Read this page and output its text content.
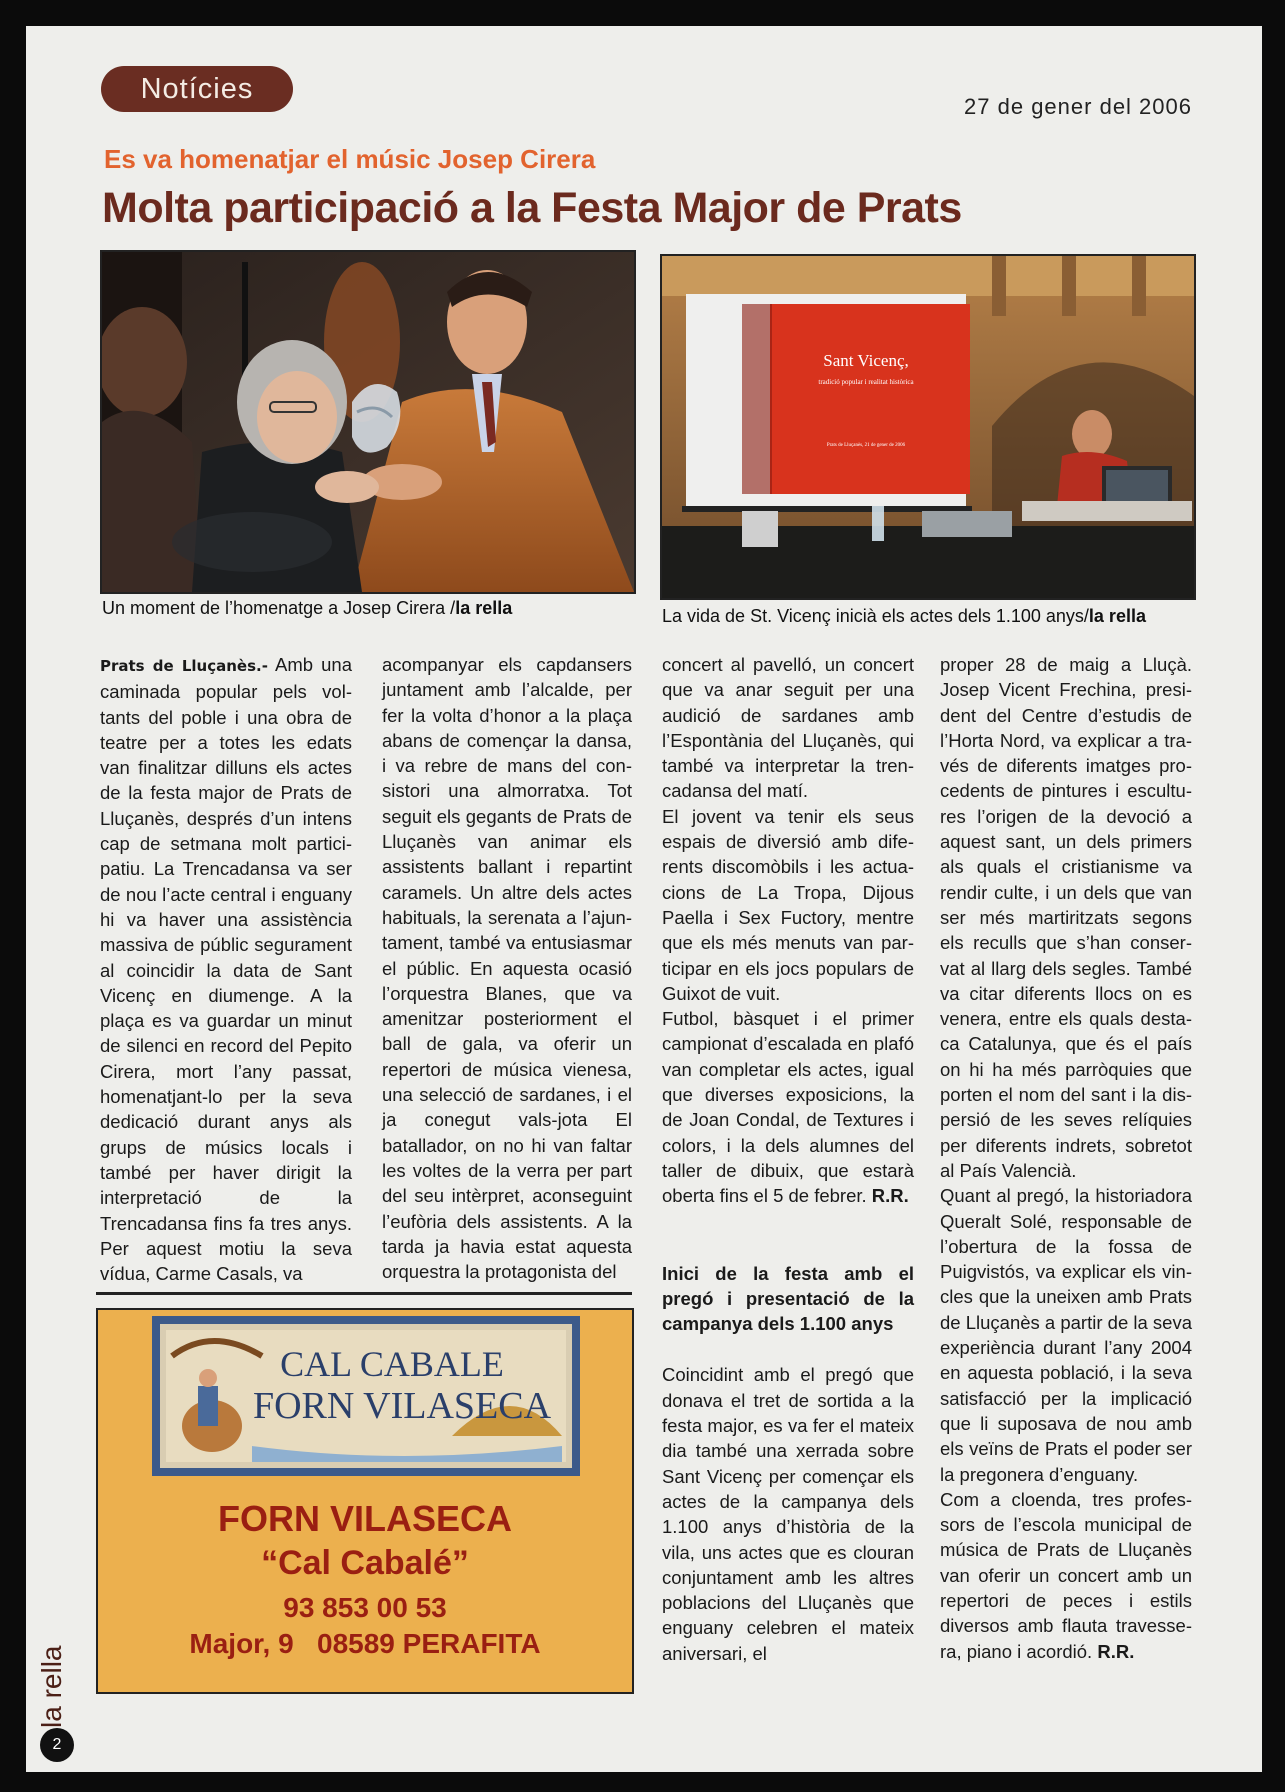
Notícies
27 de gener del 2006
Es va homenatjar el músic Josep Cirera
Molta participació a la Festa Major de Prats
Un moment de l’homenatge a Josep Cirera /la rella
Sant Vicenç,
tradició popular i realitat històrica
Prats de Lluçanès, 21 de gener de 2006
La vida de St. Vicenç inicià els actes dels 1.100 anys/la rella

Prats de Lluçanès.- Amb una caminada popular pels voltants del poble i una obra de teatre per a totes les edats van finalitzar dilluns els actes de la festa major de Prats de Lluçanès, després d’un intens cap de setmana molt participatiu. La Trencadansa va ser de nou l’acte central i enguany hi va haver una assistència massiva de públic segurament al coincidir la data de Sant Vicenç en diumenge. A la plaça es va guardar un minut de silenci en record del Pepito Cirera, mort l’any passat, homenatjant-lo per la seva dedicació durant anys als grups de músics locals i també per haver dirigit la interpretació de la Trencadansa fins fa tres anys. Per aquest motiu la seva vídua, Carme Casals, va

acompanyar els capdansers juntament amb l’alcalde, per fer la volta d’honor a la plaça abans de començar la dansa, i va rebre de mans del consistori una almorratxa. Tot seguit els gegants de Prats de Lluçanès van animar els assistents ballant i repartint caramels. Un altre dels actes habituals, la serenata a l’ajuntament, també va entusiasmar el públic. En aquesta ocasió l’orquestra Blanes, que va amenitzar posteriorment el ball de gala, va oferir un repertori de música vienesa, una selecció de sardanes, i el ja conegut vals-jota El batallador, on no hi van faltar les voltes de la verra per part del seu intèrpret, aconseguint l’eufòria dels assistents. A la tarda ja havia estat aquesta orquestra la protagonista del

concert al pavelló, un concert que va anar seguit per una audició de sardanes amb l’Espontània del Lluçanès, qui també va interpretar la trencadansa del matí.

El jovent va tenir els seus espais de diversió amb diferents discomòbils i les actuacions de La Tropa, Dijous Paella i Sex Fuctory, mentre que els més menuts van participar en els jocs populars de Guixot de vuit.

Futbol, bàsquet i el primer campionat d’escalada en plafó van completar els actes, igual que diverses exposicions, la de Joan Condal, de Textures i colors, i la dels alumnes del taller de dibuix, que estarà oberta fins el 5 de febrer. R.R.

Inici de la festa amb el pregó i presentació de la campanya dels 1.100 anys

Coincidint amb el pregó que donava el tret de sortida a la festa major, es va fer el mateix dia també una xerrada sobre Sant Vicenç per començar els actes de la campanya dels 1.100 anys d’història de la vila, uns actes que es clouran conjuntament amb les altres poblacions del Lluçanès que enguany celebren el mateix aniversari, el

proper 28 de maig a Lluçà. Josep Vicent Frechina, president del Centre d’estudis de l’Horta Nord, va explicar a través de diferents imatges procedents de pintures i escultures l’origen de la devoció a aquest sant, un dels primers als quals el cristianisme va rendir culte, i un dels que van ser més martiritzats segons els reculls que s’han conservat al llarg dels segles. També va citar diferents llocs on es venera, entre els quals destaca Catalunya, que és el país on hi ha més parròquies que porten el nom del sant i la dispersió de les seves relíquies per diferents indrets, sobretot al País Valencià.

Quant al pregó, la historiadora Queralt Solé, responsable de l’obertura de la fossa de Puigvistós, va explicar els vincles que la uneixen amb Prats de Lluçanès a partir de la seva experiència durant l’any 2004 en aquesta població, i la seva satisfacció per la implicació que li suposava de nou amb els veïns de Prats el poder ser la pregonera d’enguany.

Com a cloenda, tres professors de l’escola municipal de música de Prats de Lluçanès van oferir un concert amb un repertori de peces i estils diversos amb flauta travessera, piano i acordió. R.R.

CAL CABALE
FORN VILASECA
FORN VILASECA
“Cal Cabalé”
93 853 00 53
Major, 9   08589 PERAFITA
la rella
2
